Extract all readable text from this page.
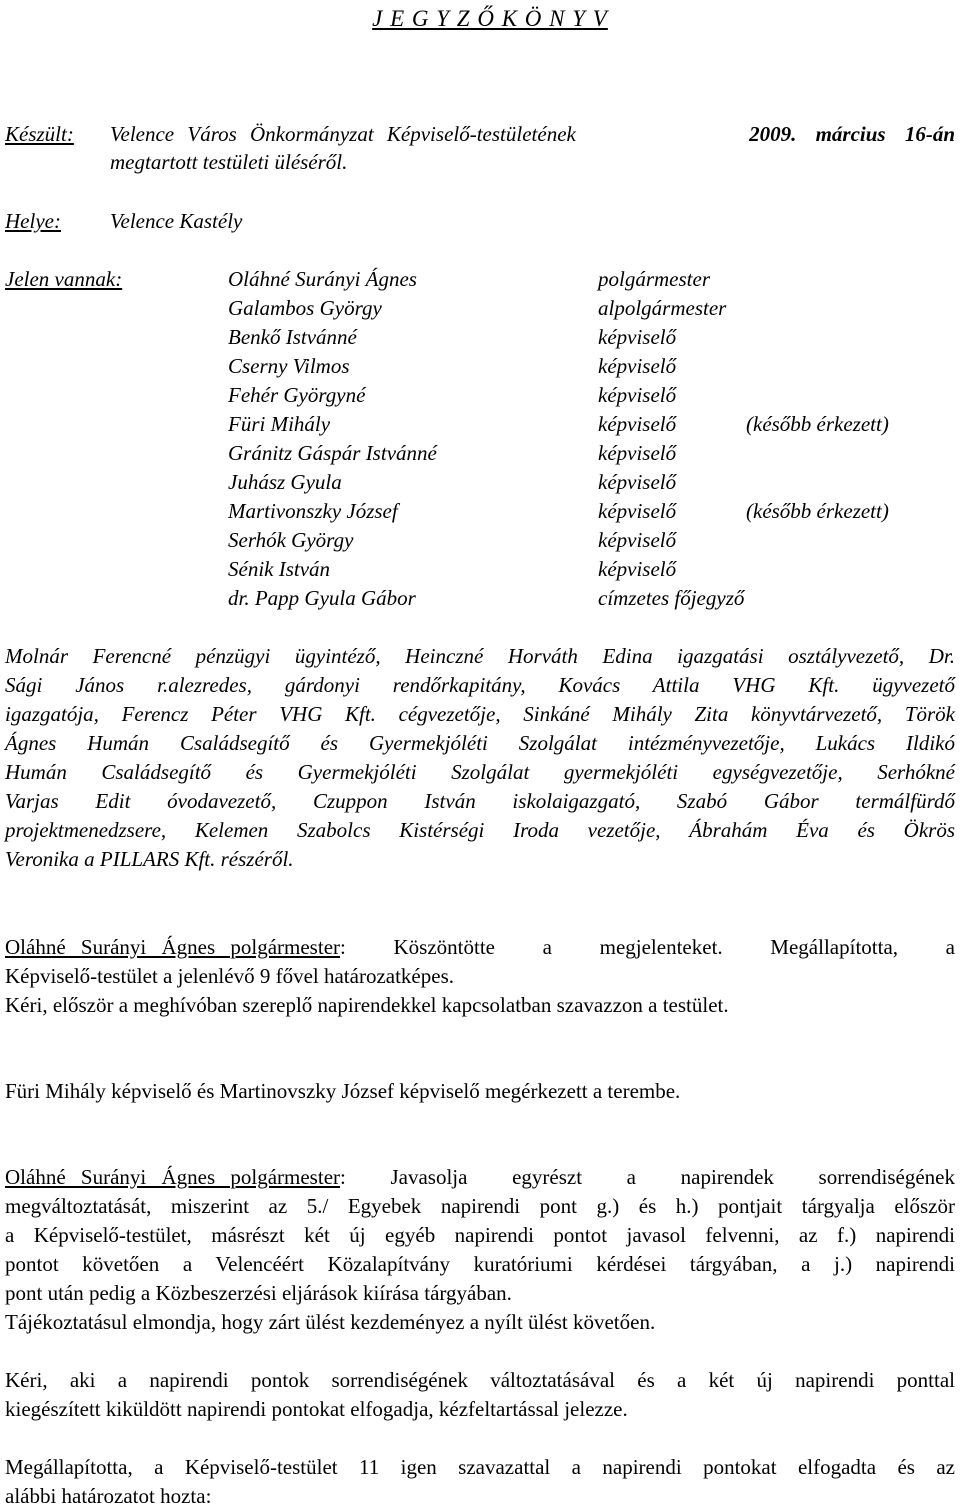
J E G Y Z Ő K Ö N Y V
Készült: Velence Város Önkormányzat Képviselő-testületének	2009. március 16-án
megtartott testületi üléséről.
Helye: Velence Kastély
Jelen vannak:	Oláhné Surányi Ágnes	polgármester
Galambos György	alpolgármester
Benkő Istvánné	képviselő
Cserny Vilmos	képviselő
Fehér Györgyné	képviselő
Füri Mihály	képviselő	(később érkezett)
Gránitz Gáspár Istvánné	képviselő
Juhász Gyula	képviselő
Martivonszky József	képviselő	(később érkezett)
Serhók György	képviselő
Sénik István	képviselő
dr. Papp Gyula Gábor	címzetes főjegyző
Molnár Ferencné pénzügyi ügyintéző, Heinczné Horváth Edina igazgatási osztályvezető, Dr.
Sági János r.alezredes, gárdonyi rendőrkapitány, Kovács Attila VHG Kft. ügyvezető
igazgatója, Ferencz Péter VHG Kft. cégvezetője, Sinkáné Mihály Zita könyvtárvezető, Török
Ágnes Humán Családsegítő és Gyermekjóléti Szolgálat intézményvezetője, Lukács Ildikó
Humán Családsegítő és Gyermekjóléti Szolgálat gyermekjóléti egységvezetője, Serhókné
Varjas Edit óvodavezető, Czuppon István iskolaigazgató, Szabó Gábor termálfürdő
projektmenedzsere, Kelemen Szabolcs Kistérségi Iroda vezetője, Ábrahám Éva és Ökrös
Veronika a PILLARS Kft. részéről.
Oláhné Surányi Ágnes polgármester : Köszöntötte a megjelenteket. Megállapította, a
Képviselő-testület a jelenlévő 9 fővel határozatképes.
Kéri, először a meghívóban szereplő napirendekkel kapcsolatban szavazzon a testület.
Füri Mihály képviselő és Martinovszky József képviselő megérkezett a terembe.
Oláhné Surányi Ágnes polgármester : Javasolja egyrészt a napirendek sorrendiségének
megváltoztatását, miszerint az 5./ Egyebek napirendi pont g.) és h.) pontjait tárgyalja először
a Képviselő-testület, másrészt két új egyéb napirendi pontot javasol felvenni, az f.) napirendi
pontot követően a Velencéért Közalapítvány kuratóriumi kérdései tárgyában, a j.) napirendi
pont után pedig a Közbeszerzési eljárások kiírása tárgyában.
Tájékoztatásul elmondja, hogy zárt ülést kezdeményez a nyílt ülést követően.
Kéri, aki a napirendi pontok sorrendiségének változtatásával és a két új napirendi ponttal
kiegészített kiküldött napirendi pontokat elfogadja, kézfeltartással jelezze.
Megállapította, a Képviselő-testület 11 igen szavazattal a napirendi pontokat elfogadta és az
alábbi határozatot hozta:
